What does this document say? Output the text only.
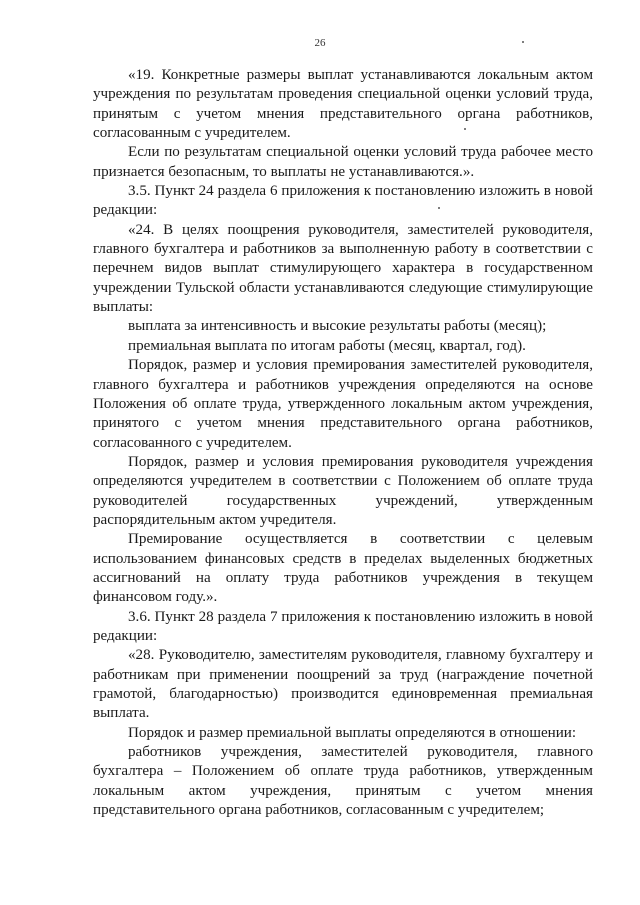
26

«19. Конкретные размеры выплат устанавливаются локальным актом учреждения по результатам проведения специальной оценки условий труда, принятым с учетом мнения представительного органа работников, согласованным с учредителем.

Если по результатам специальной оценки условий труда рабочее место признается безопасным, то выплаты не устанавливаются.».

3.5. Пункт 24 раздела 6 приложения к постановлению изложить в новой редакции:

«24. В целях поощрения руководителя, заместителей руководителя, главного бухгалтера и работников за выполненную работу в соответствии с перечнем видов выплат стимулирующего характера в государственном учреждении Тульской области устанавливаются следующие стимулирующие выплаты:

выплата за интенсивность и высокие результаты работы (месяц);

премиальная выплата по итогам работы (месяц, квартал, год).

Порядок, размер и условия премирования заместителей руководителя, главного бухгалтера и работников учреждения определяются на основе Положения об оплате труда, утвержденного локальным актом учреждения, принятого с учетом мнения представительного органа работников, согласованного с учредителем.

Порядок, размер и условия премирования руководителя учреждения определяются учредителем в соответствии с Положением об оплате труда руководителей государственных учреждений, утвержденным распорядительным актом учредителя.

Премирование осуществляется в соответствии с целевым использованием финансовых средств в пределах выделенных бюджетных ассигнований на оплату труда работников учреждения в текущем финансовом году.».

3.6. Пункт 28 раздела 7 приложения к постановлению изложить в новой редакции:

«28. Руководителю, заместителям руководителя, главному бухгалтеру и работникам при применении поощрений за труд (награждение почетной грамотой, благодарностью) производится единовременная премиальная выплата.

Порядок и размер премиальной выплаты определяются в отношении:

работников учреждения, заместителей руководителя, главного бухгалтера – Положением об оплате труда работников, утвержденным локальным актом учреждения, принятым с учетом мнения представительного органа работников, согласованным с учредителем;
